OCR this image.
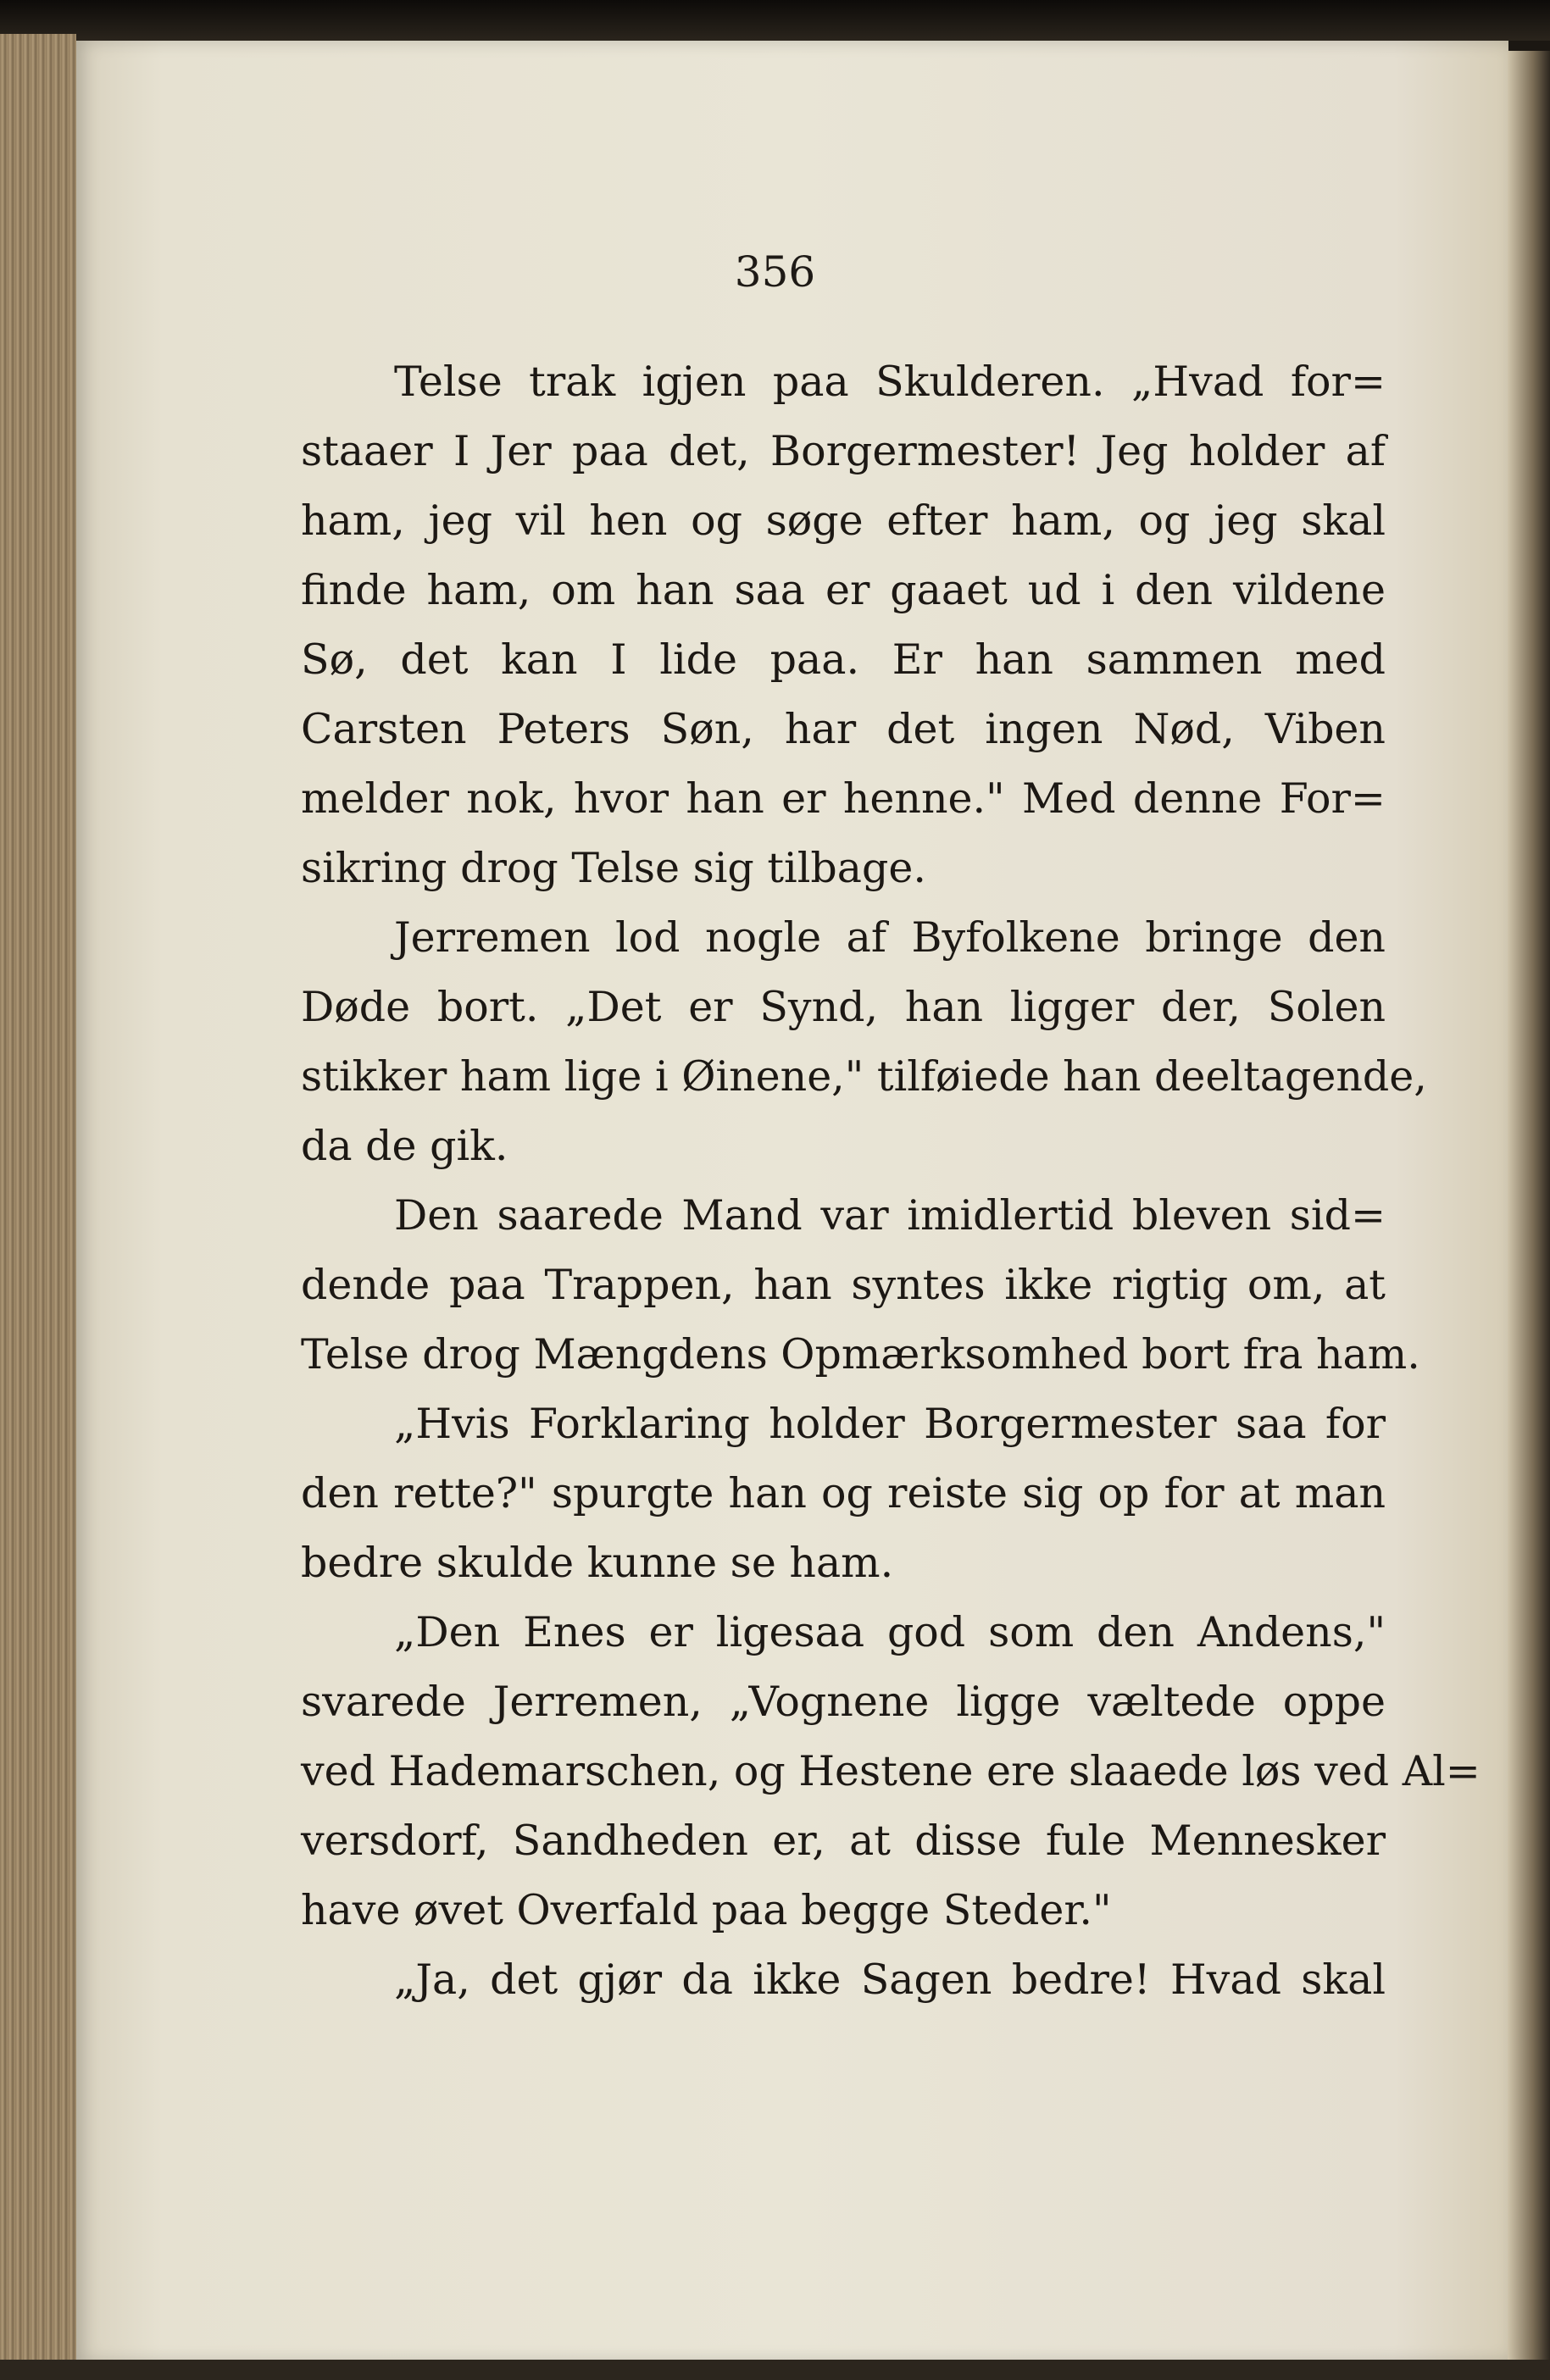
356
Telse trak igjen paa Skulderen. „Hvad for=
staaer I Jer paa det, Borgermester! Jeg holder af
ham, jeg vil hen og søge efter ham, og jeg skal
finde ham, om han saa er gaaet ud i den vildene
Sø, det kan I lide paa. Er han sammen med
Carsten Peters Søn, har det ingen Nød, Viben
melder nok, hvor han er henne." Med denne For=
sikring drog Telse sig tilbage.
Jerremen lod nogle af Byfolkene bringe den
Døde bort. „Det er Synd, han ligger der, Solen
stikker ham lige i Øinene," tilføiede han deeltagende,
da de gik.
Den saarede Mand var imidlertid bleven sid=
dende paa Trappen, han syntes ikke rigtig om, at
Telse drog Mængdens Opmærksomhed bort fra ham.
„Hvis Forklaring holder Borgermester saa for
den rette?" spurgte han og reiste sig op for at man
bedre skulde kunne se ham.
„Den Enes er ligesaa god som den Andens,"
svarede Jerremen, „Vognene ligge væltede oppe
ved Hademarschen, og Hestene ere slaaede løs ved Al=
versdorf, Sandheden er, at disse fule Mennesker
have øvet Overfald paa begge Steder."
„Ja, det gjør da ikke Sagen bedre! Hvad skal
